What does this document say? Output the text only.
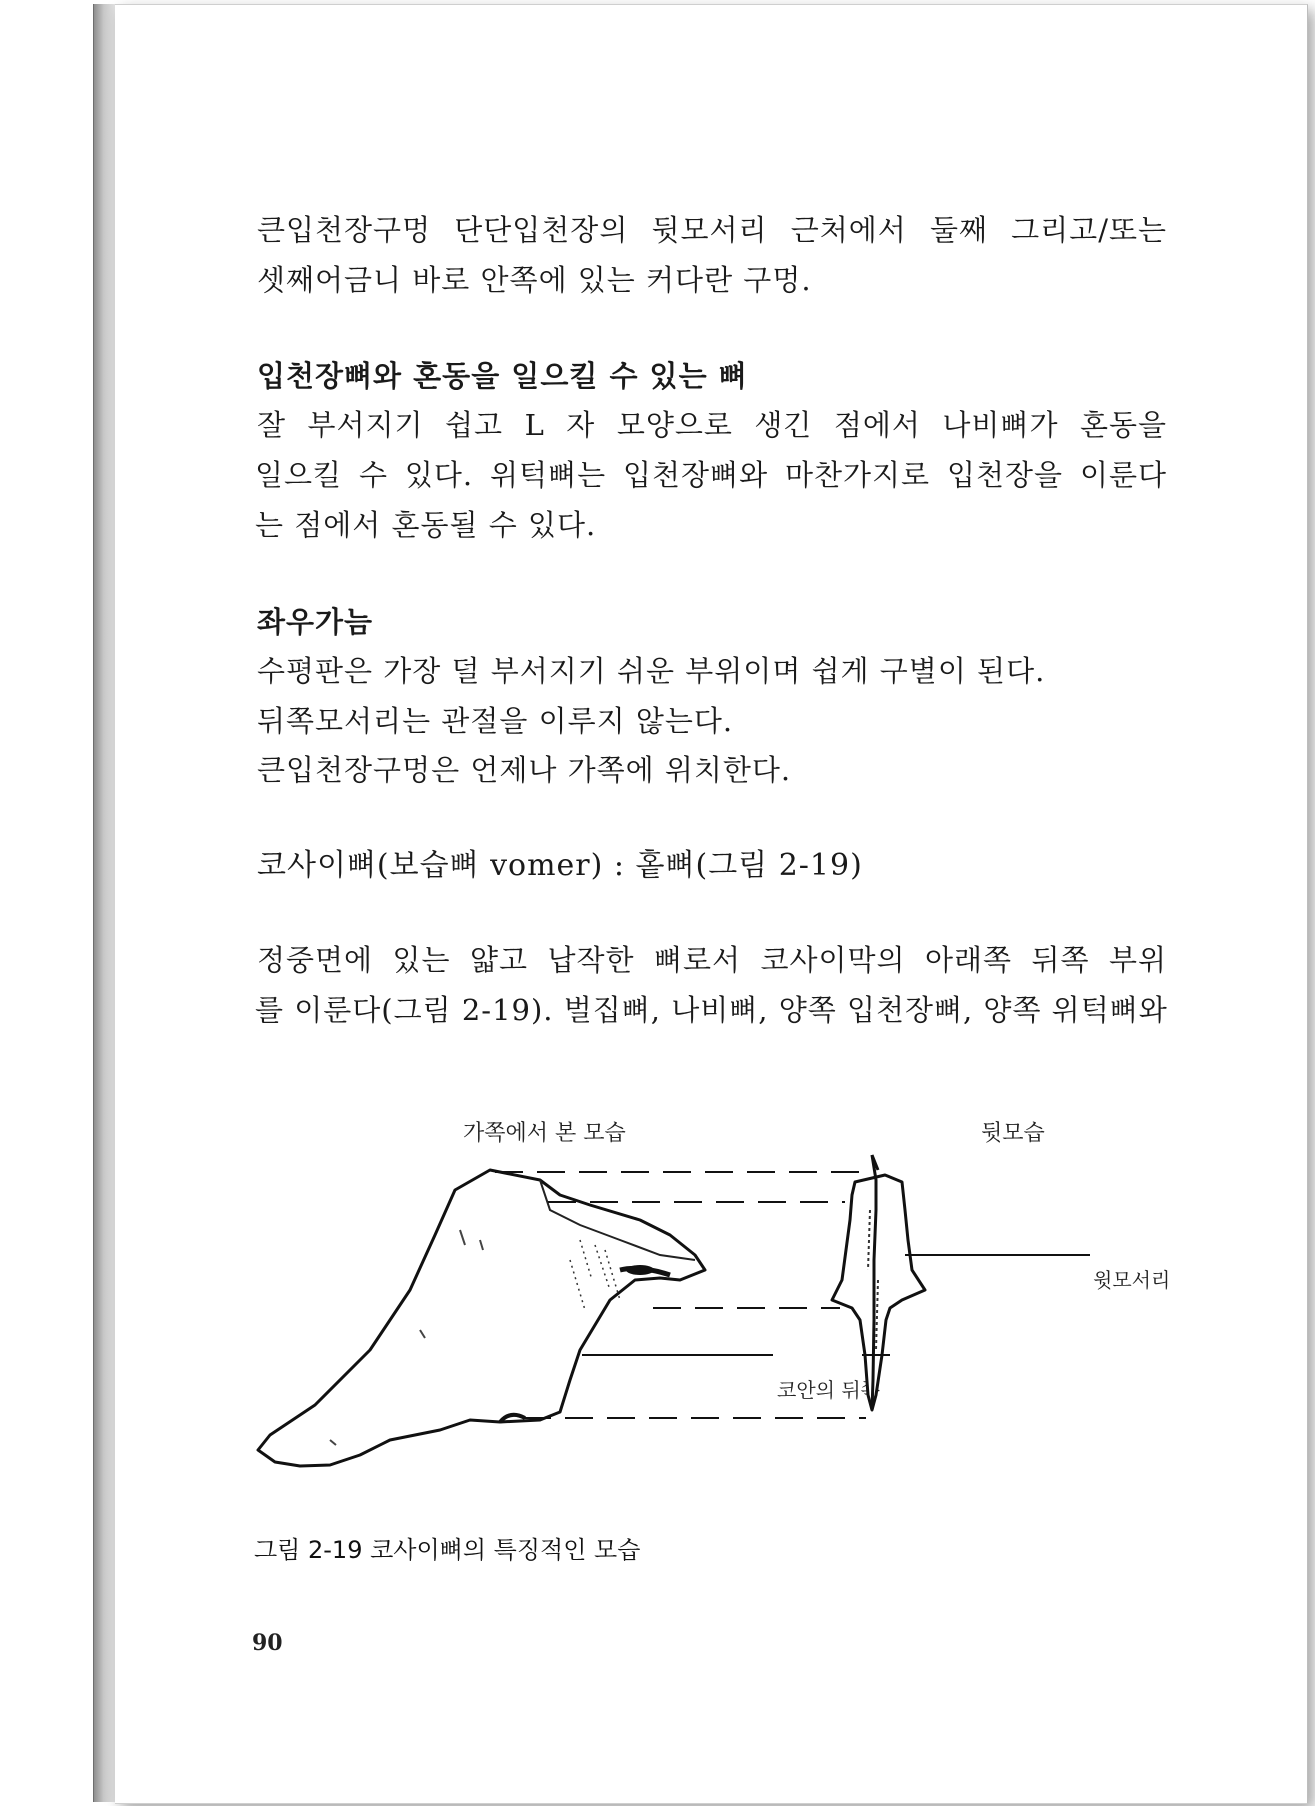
큰입천장구멍 단단입천장의 뒷모서리 근처에서 둘째 그리고/또는
셋째어금니 바로 안쪽에 있는 커다란 구멍.
입천장뼈와 혼동을 일으킬 수 있는 뼈
잘 부서지기 쉽고 L 자 모양으로 생긴 점에서 나비뼈가 혼동을
일으킬 수 있다. 위턱뼈는 입천장뼈와 마찬가지로 입천장을 이룬다
는 점에서 혼동될 수 있다.
좌우가늠
수평판은 가장 덜 부서지기 쉬운 부위이며 쉽게 구별이 된다.
뒤쪽모서리는 관절을 이루지 않는다.
큰입천장구멍은 언제나 가쪽에 위치한다.
코사이뼈(보습뼈 vomer) : 홑뼈(그림 2-19)
정중면에 있는 얇고 납작한 뼈로서 코사이막의 아래쪽 뒤쪽 부위
를 이룬다(그림 2-19). 벌집뼈, 나비뼈, 양쪽 입천장뼈, 양쪽 위턱뼈와
가쪽에서 본 모습	뒷모습
윗모서리
코안의 뒤쪽
그림 2-19 코사이뼈의 특징적인 모습
90
